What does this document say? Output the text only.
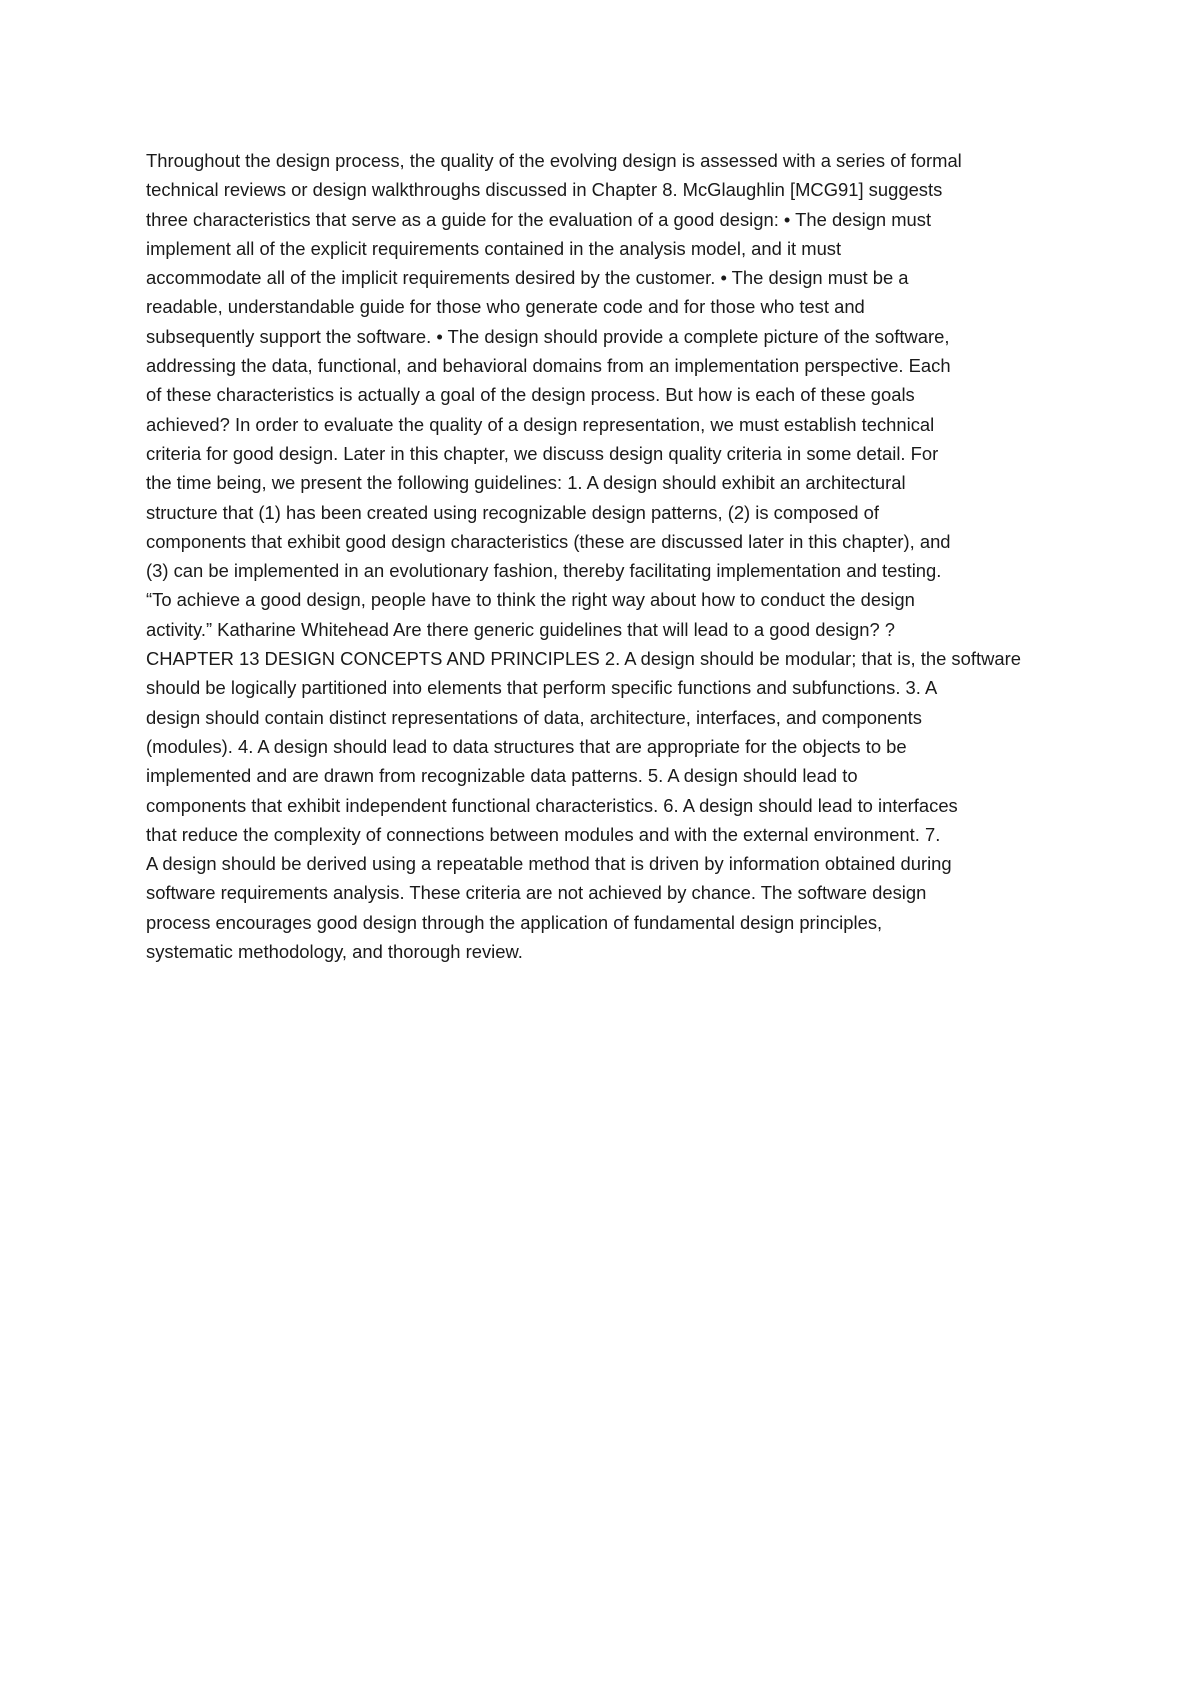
Throughout the design process, the quality of the evolving design is assessed with a series of formal
technical reviews or design walkthroughs discussed in Chapter 8. McGlaughlin [MCG91] suggests
three characteristics that serve as a guide for the evaluation of a good design: • The design must
implement all of the explicit requirements contained in the analysis model, and it must
accommodate all of the implicit requirements desired by the customer. • The design must be a
readable, understandable guide for those who generate code and for those who test and
subsequently support the software. • The design should provide a complete picture of the software,
addressing the data, functional, and behavioral domains from an implementation perspective. Each
of these characteristics is actually a goal of the design process. But how is each of these goals
achieved? In order to evaluate the quality of a design representation, we must establish technical
criteria for good design. Later in this chapter, we discuss design quality criteria in some detail. For
the time being, we present the following guidelines: 1. A design should exhibit an architectural
structure that (1) has been created using recognizable design patterns, (2) is composed of
components that exhibit good design characteristics (these are discussed later in this chapter), and
(3) can be implemented in an evolutionary fashion, thereby facilitating implementation and testing.
“To achieve a good design, people have to think the right way about how to conduct the design
activity.” Katharine Whitehead Are there generic guidelines that will lead to a good design? ?
CHAPTER 13 DESIGN CONCEPTS AND PRINCIPLES 2. A design should be modular; that is, the software
should be logically partitioned into elements that perform specific functions and subfunctions. 3. A
design should contain distinct representations of data, architecture, interfaces, and components
(modules). 4. A design should lead to data structures that are appropriate for the objects to be
implemented and are drawn from recognizable data patterns. 5. A design should lead to
components that exhibit independent functional characteristics. 6. A design should lead to interfaces
that reduce the complexity of connections between modules and with the external environment. 7.
A design should be derived using a repeatable method that is driven by information obtained during
software requirements analysis. These criteria are not achieved by chance. The software design
process encourages good design through the application of fundamental design principles,
systematic methodology, and thorough review.
